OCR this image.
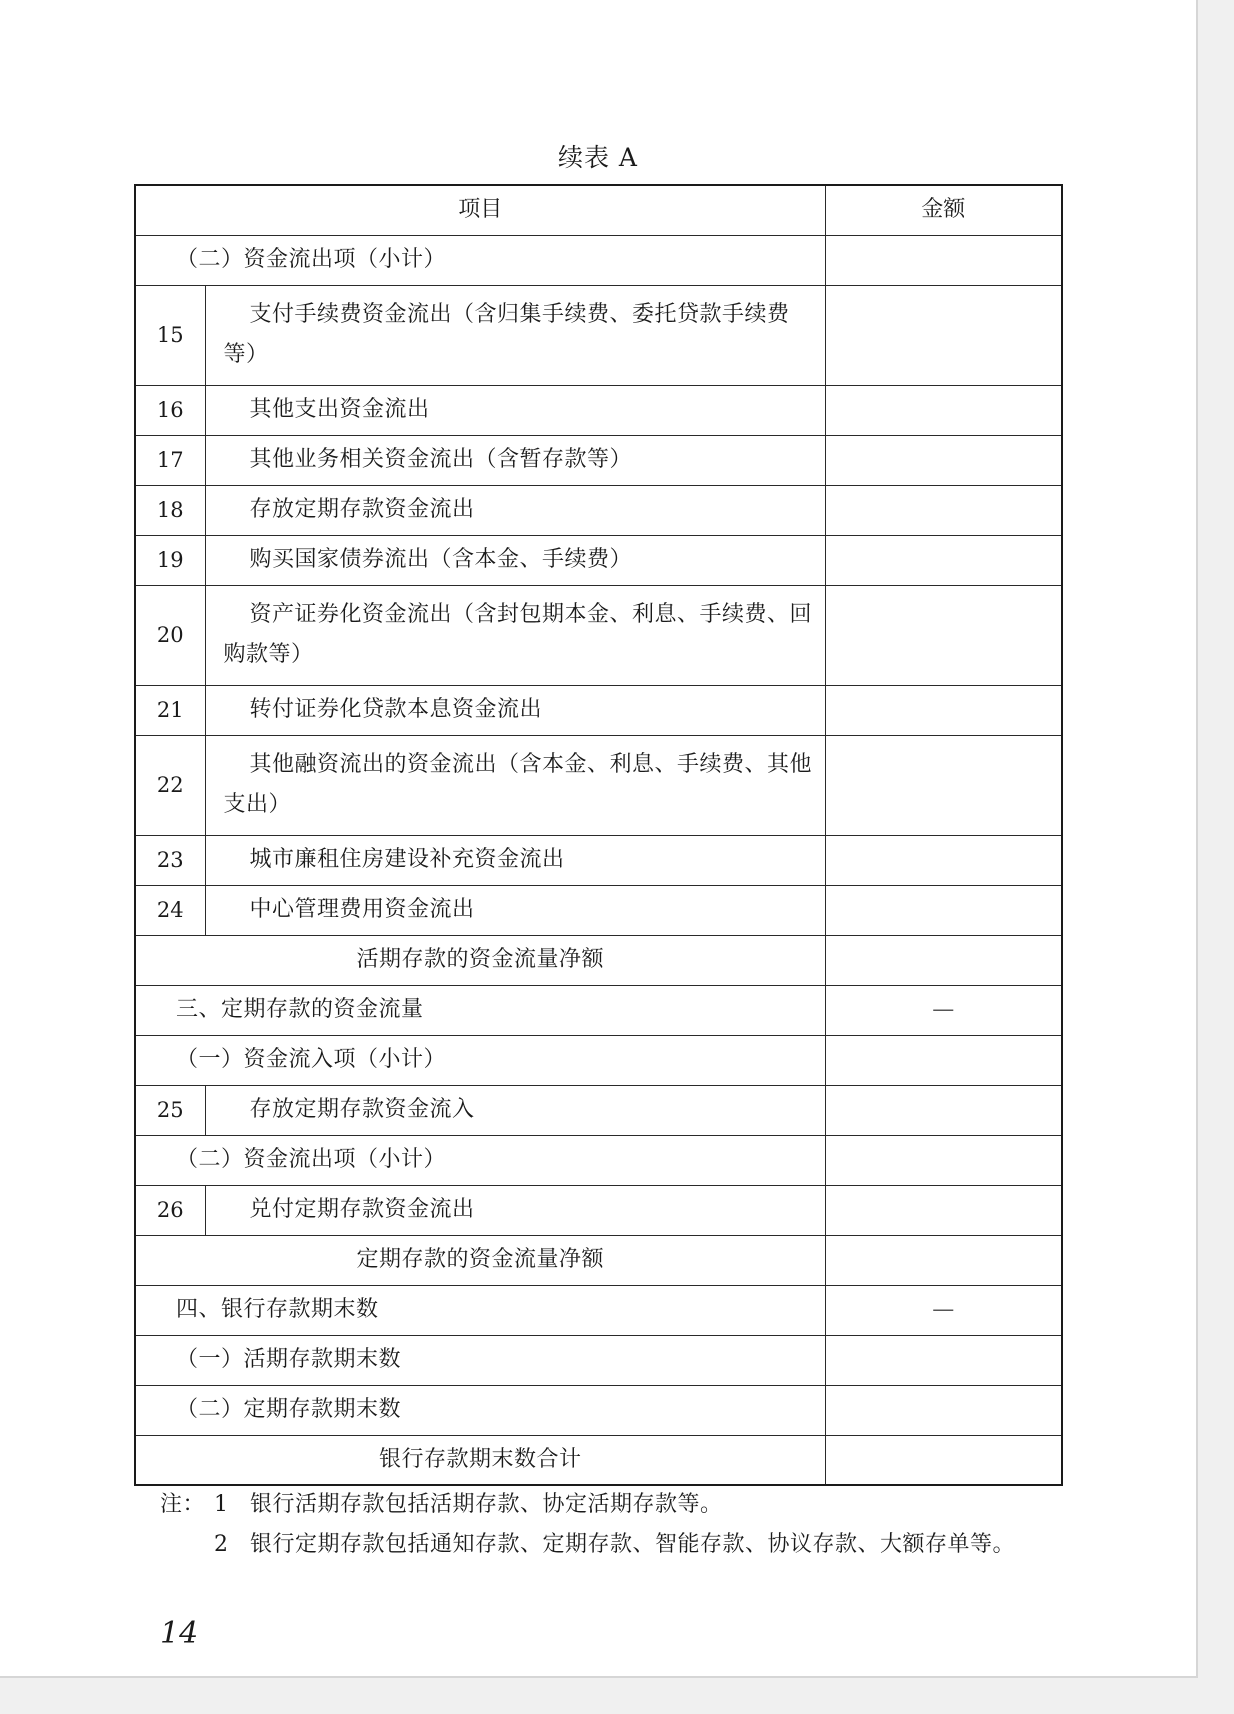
续表 A
项目		金额
（二）资金流出项（小计）		
15	支付手续费资金流出（含归集手续费、委托贷款手续费等）	
16	其他支出资金流出	
17	其他业务相关资金流出（含暂存款等）	
18	存放定期存款资金流出	
19	购买国家债券流出（含本金、手续费）	
20	资产证券化资金流出（含封包期本金、利息、手续费、回购款等）	
21	转付证券化贷款本息资金流出	
22	其他融资流出的资金流出（含本金、利息、手续费、其他支出）	
23	城市廉租住房建设补充资金流出	
24	中心管理费用资金流出	
活期存款的资金流量净额		
三、定期存款的资金流量		—
（一）资金流入项（小计）		
25	存放定期存款资金流入	
（二）资金流出项（小计）		
26	兑付定期存款资金流出	
定期存款的资金流量净额		
四、银行存款期末数		—
（一）活期存款期末数		
（二）定期存款期末数		
银行存款期末数合计		
注： 1 银行活期存款包括活期存款、协定活期存款等。
2 银行定期存款包括通知存款、定期存款、智能存款、协议存款、大额存单等。
14
